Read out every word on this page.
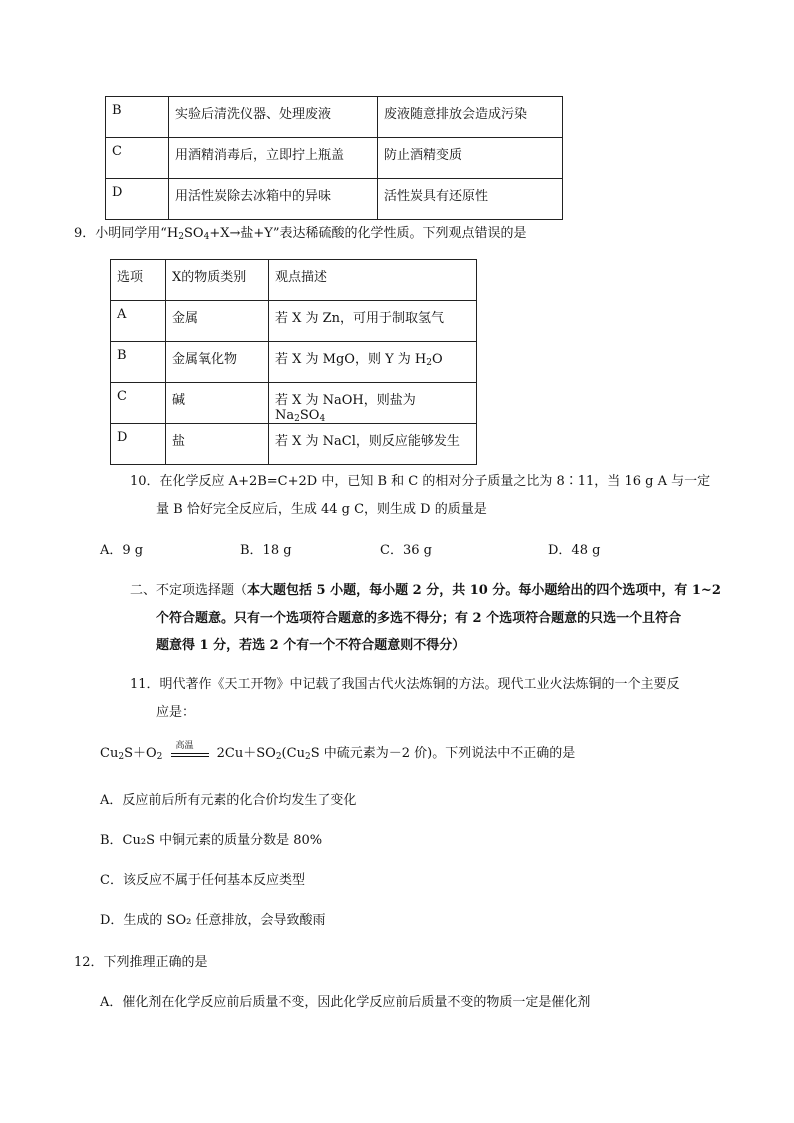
B	实验后清洗仪器、处理废液	废液随意排放会造成污染
C	用酒精消毒后，立即拧上瓶盖	防止酒精变质
D	用活性炭除去冰箱中的异味	活性炭具有还原性
9．小明同学用“$H_2SO_4+X\to$盐+Y”表达稀硫酸的化学性质。下列观点错误的是
选项	X的物质类别	观点描述
A	金属	若 X 为 Zn，可用于制取氢气
B	金属氧化物	若 X 为 MgO，则 Y 为 $H_2O$
C	碱	若 X 为 NaOH，则盐为 $Na_2SO_4$
D	盐	若 X 为 NaCl，则反应能够发生
10．在化学反应 A+2B=C+2D 中，已知 B 和 C 的相对分子质量之比为 8∶11，当 16 g A 与一定
量 B 恰好完全反应后，生成 44 g C，则生成 D 的质量是
A．9 g	B．18 g	C．36 g	D．48 g
二、不定项选择题（本大题包括 5 小题，每小题 2 分，共 10 分。每小题给出的四个选项中，有 1~2
个符合题意。只有一个选项符合题意的多选不得分；有 2 个选项符合题意的只选一个且符合
题意得 1 分，若选 2 个有一个不符合题意则不得分）
11．明代著作《天工开物》中记载了我国古代火法炼铜的方法。现代工业火法炼铜的一个主要反
应是：
$Cu_2S+O_2$
高温
$2Cu+SO_2(Cu_2S$ 中硫元素为－2 价)。下列说法中不正确的是
A．反应前后所有元素的化合价均发生了变化
B．Cu₂S 中铜元素的质量分数是 80%
C．该反应不属于任何基本反应类型
D．生成的 SO₂ 任意排放，会导致酸雨
12．下列推理正确的是
A．催化剂在化学反应前后质量不变，因此化学反应前后质量不变的物质一定是催化剂
